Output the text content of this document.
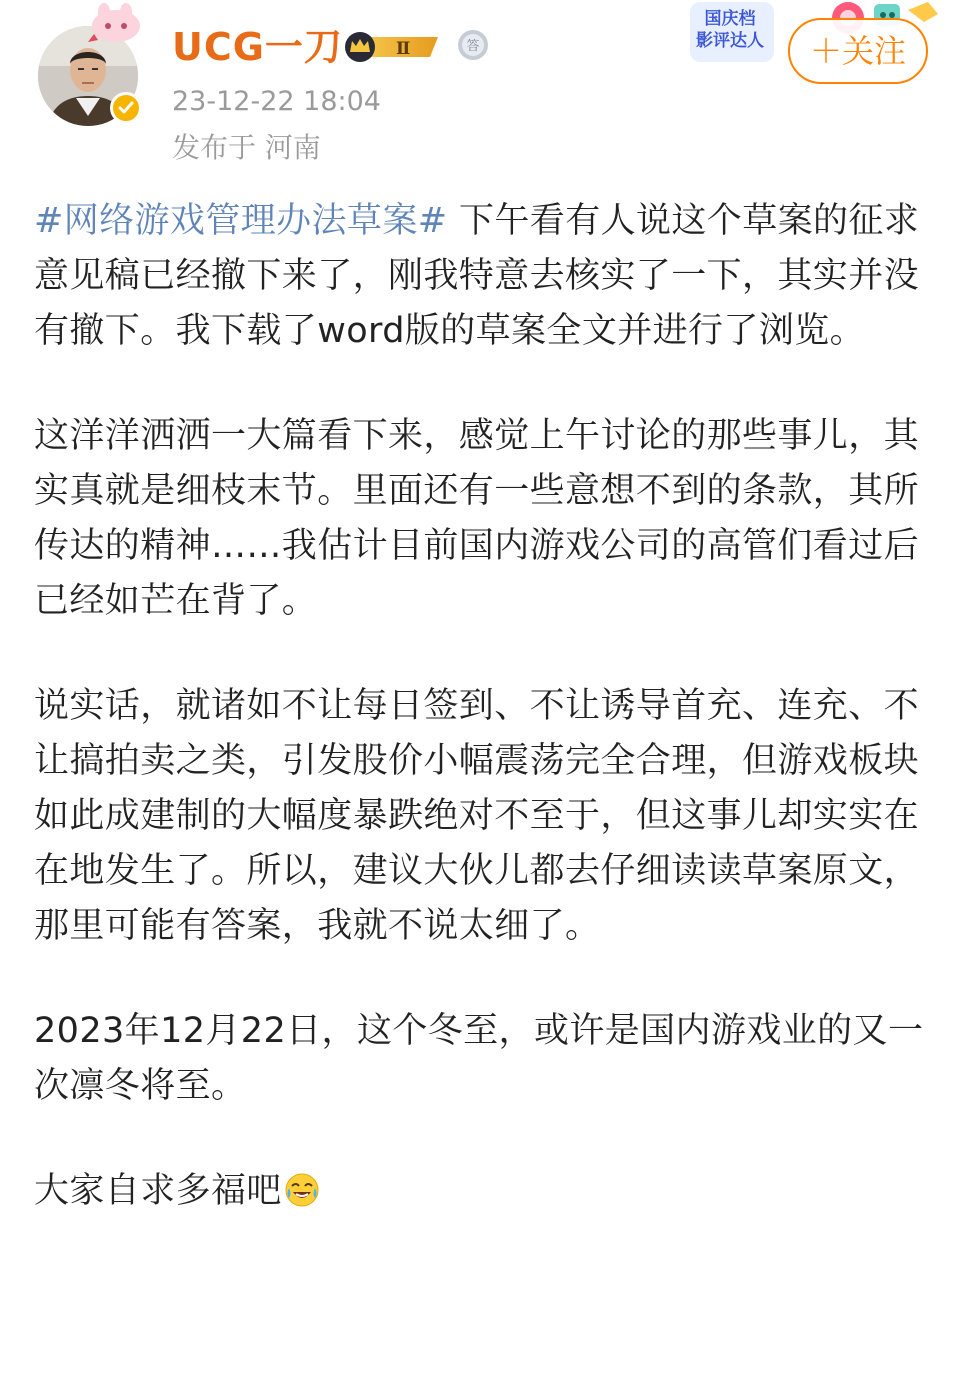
UCG一刀	Ⅱ	答
23-12-22 18:04
发布于 河南
国庆档
影评达人	＋关注

#网络游戏管理办法草案# 下午看有人说这个草案的征求意见稿已经撤下来了，刚我特意去核实了一下，其实并没有撤下。我下载了word版的草案全文并进行了浏览。

这洋洋洒洒一大篇看下来，感觉上午讨论的那些事儿，其实真就是细枝末节。里面还有一些意想不到的条款，其所传达的精神……我估计目前国内游戏公司的高管们看过后已经如芒在背了。

说实话，就诸如不让每日签到、不让诱导首充、连充、不让搞拍卖之类，引发股价小幅震荡完全合理，但游戏板块如此成建制的大幅度暴跌绝对不至于，但这事儿却实实在在地发生了。所以，建议大伙儿都去仔细读读草案原文，那里可能有答案，我就不说太细了。

2023年12月22日，这个冬至，或许是国内游戏业的又一次凛冬将至。

大家自求多福吧
